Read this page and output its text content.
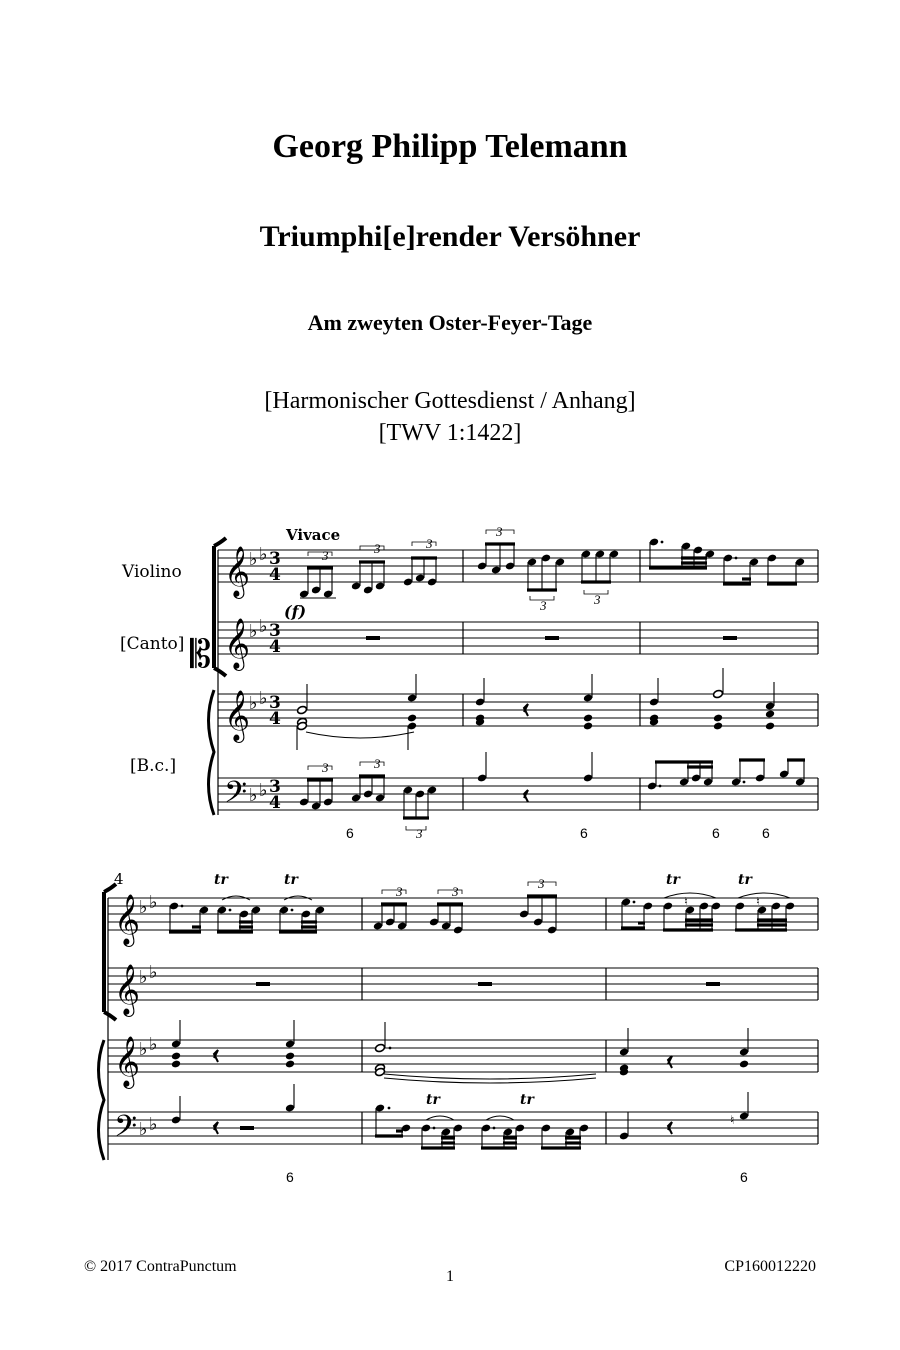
Georg Philipp Telemann
Triumphi[e]render Versöhner
Am zweyten Oster-Feyer-Tage
[Harmonischer Gottesdienst / Anhang]
[TWV 1:1422]
Vivace
(f)
Violino
[Canto]
[B.c.]
𝄞
♭ ♭ 3
4
3	3	3
3
3	3
𝄞
𝄡
♭ ♭ 3
4
𝄞
♭ ♭ 3
4
𝄢 ♭ ♭ 3
4
3	3
3
6	6	6	6
4
𝄞
♭ ♭
tr	tr
3	3
3
♮
tr
♮
tr
𝄞
♭ ♭
𝄞
♭ ♭
𝄢 ♭ ♭
tr	tr
♮
6	6
© 2017 ContraPunctum
1
CP160012220
